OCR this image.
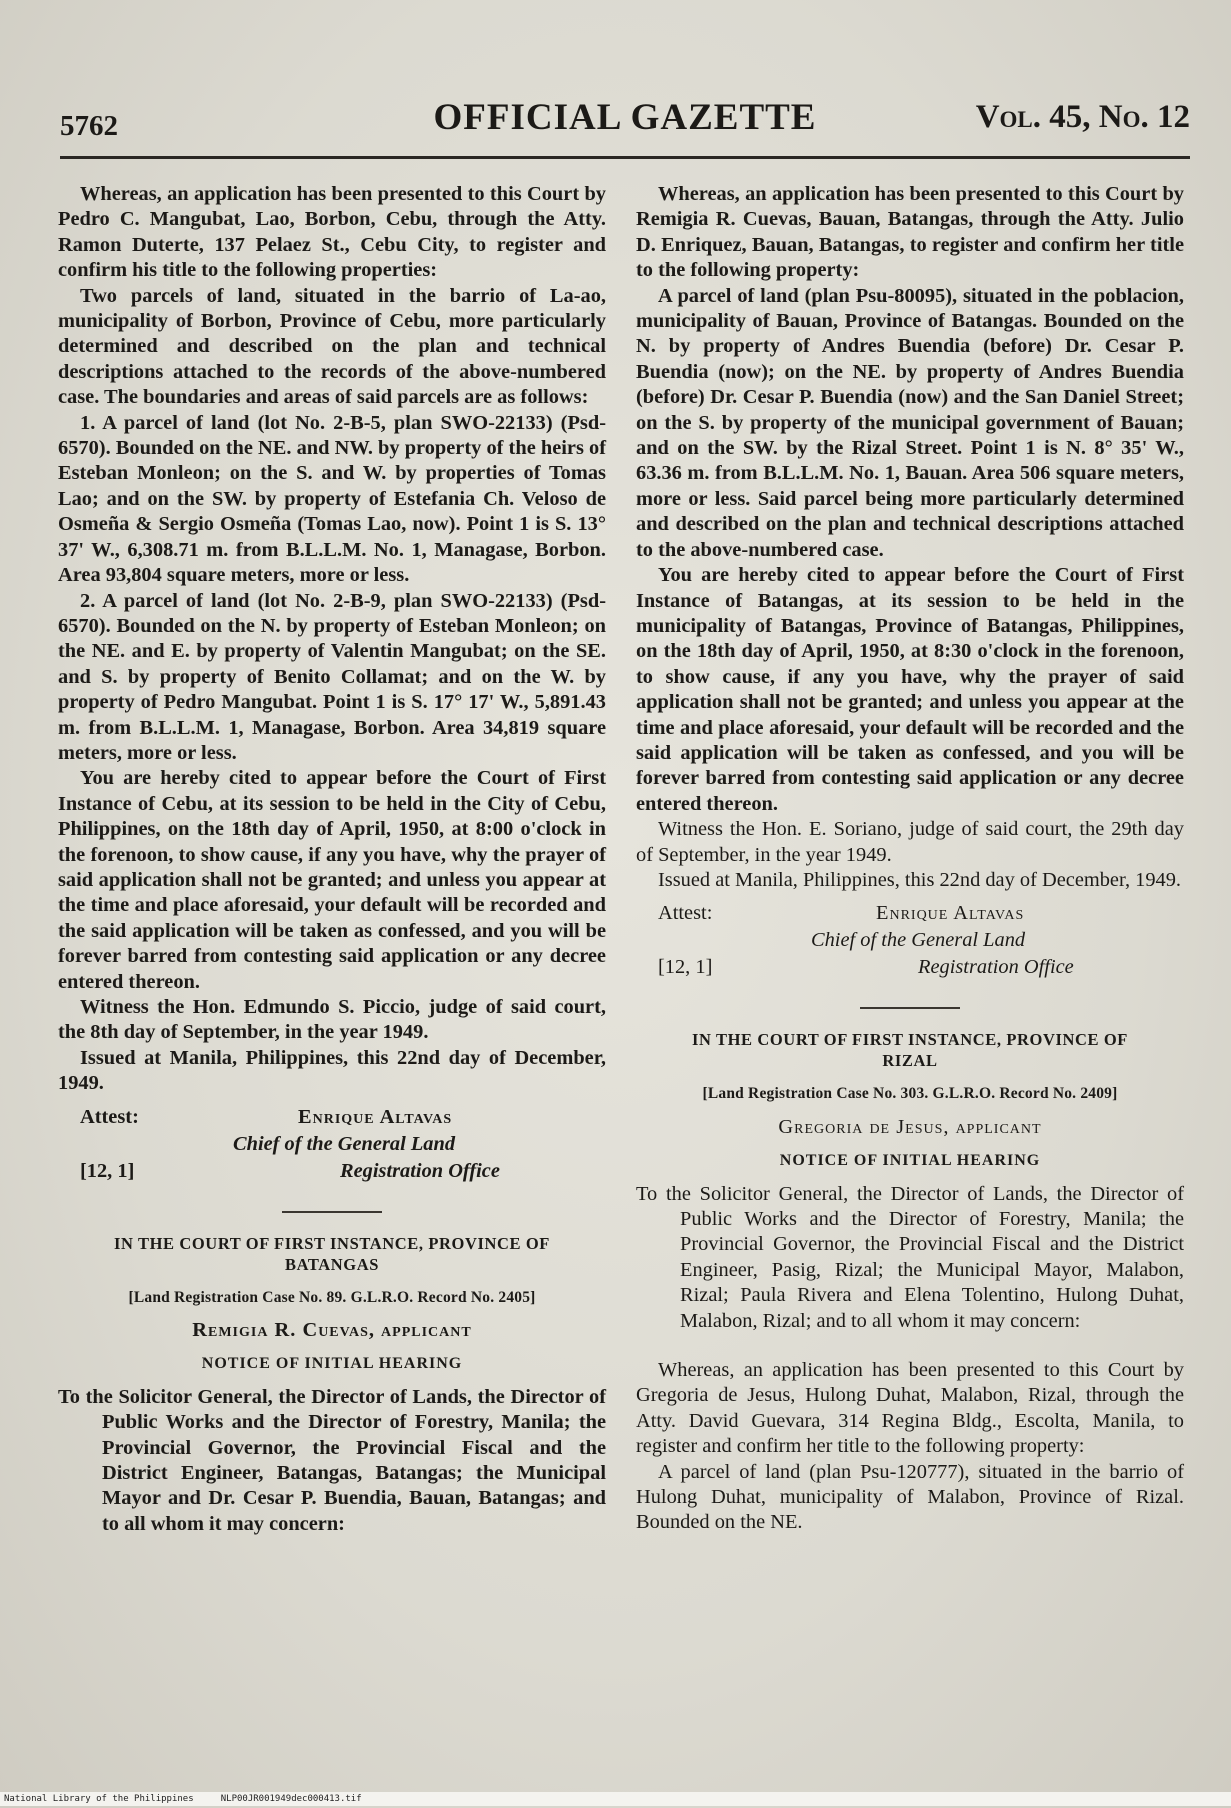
5762	OFFICIAL GAZETTE	Vol. 45, No. 12

Whereas, an application has been presented to this Court by Pedro C. Mangubat, Lao, Borbon, Cebu, through the Atty. Ramon Duterte, 137 Pelaez St., Cebu City, to register and confirm his title to the following properties:

Two parcels of land, situated in the barrio of La-ao, municipality of Borbon, Province of Cebu, more particularly determined and described on the plan and technical descriptions attached to the records of the above-numbered case. The boundaries and areas of said parcels are as follows:

1. A parcel of land (lot No. 2-B-5, plan SWO-22133) (Psd-6570). Bounded on the NE. and NW. by property of the heirs of Esteban Monleon; on the S. and W. by properties of Tomas Lao; and on the SW. by property of Estefania Ch. Veloso de Osmeña & Sergio Osmeña (Tomas Lao, now). Point 1 is S. 13° 37' W., 6,308.71 m. from B.L.L.M. No. 1, Managase, Borbon. Area 93,804 square meters, more or less.

2. A parcel of land (lot No. 2-B-9, plan SWO-22133) (Psd-6570). Bounded on the N. by property of Esteban Monleon; on the NE. and E. by property of Valentin Mangubat; on the SE. and S. by property of Benito Collamat; and on the W. by property of Pedro Mangubat. Point 1 is S. 17° 17' W., 5,891.43 m. from B.L.L.M. 1, Managase, Borbon. Area 34,819 square meters, more or less.

You are hereby cited to appear before the Court of First Instance of Cebu, at its session to be held in the City of Cebu, Philippines, on the 18th day of April, 1950, at 8:00 o'clock in the forenoon, to show cause, if any you have, why the prayer of said application shall not be granted; and unless you appear at the time and place aforesaid, your default will be recorded and the said application will be taken as confessed, and you will be forever barred from contesting said application or any decree entered thereon.

Witness the Hon. Edmundo S. Piccio, judge of said court, the 8th day of September, in the year 1949.

Issued at Manila, Philippines, this 22nd day of December, 1949.

Attest:	Enrique Altavas
Chief of the General Land
[12, 1]	Registration Office
IN THE COURT OF FIRST INSTANCE, PROVINCE OF BATANGAS
[Land Registration Case No. 89. G.L.R.O. Record No. 2405]
Remigia R. Cuevas, applicant
NOTICE OF INITIAL HEARING

To the Solicitor General, the Director of Lands, the Director of Public Works and the Director of Forestry, Manila; the Provincial Governor, the Provincial Fiscal and the District Engineer, Batangas, Batangas; the Municipal Mayor and Dr. Cesar P. Buendia, Bauan, Batangas; and to all whom it may concern:

Whereas, an application has been presented to this Court by Remigia R. Cuevas, Bauan, Batangas, through the Atty. Julio D. Enriquez, Bauan, Batangas, to register and confirm her title to the following property:

A parcel of land (plan Psu-80095), situated in the poblacion, municipality of Bauan, Province of Batangas. Bounded on the N. by property of Andres Buendia (before) Dr. Cesar P. Buendia (now); on the NE. by property of Andres Buendia (before) Dr. Cesar P. Buendia (now) and the San Daniel Street; on the S. by property of the municipal government of Bauan; and on the SW. by the Rizal Street. Point 1 is N. 8° 35' W., 63.36 m. from B.L.L.M. No. 1, Bauan. Area 506 square meters, more or less. Said parcel being more particularly determined and described on the plan and technical descriptions attached to the above-numbered case.

You are hereby cited to appear before the Court of First Instance of Batangas, at its session to be held in the municipality of Batangas, Province of Batangas, Philippines, on the 18th day of April, 1950, at 8:30 o'clock in the forenoon, to show cause, if any you have, why the prayer of said application shall not be granted; and unless you appear at the time and place aforesaid, your default will be recorded and the said application will be taken as confessed, and you will be forever barred from contesting said application or any decree entered thereon.

Witness the Hon. E. Soriano, judge of said court, the 29th day of September, in the year 1949.

Issued at Manila, Philippines, this 22nd day of December, 1949.

Attest:	Enrique Altavas
Chief of the General Land
[12, 1]	Registration Office
IN THE COURT OF FIRST INSTANCE, PROVINCE OF RIZAL
[Land Registration Case No. 303. G.L.R.O. Record No. 2409]
Gregoria de Jesus, applicant
NOTICE OF INITIAL HEARING

To the Solicitor General, the Director of Lands, the Director of Public Works and the Director of Forestry, Manila; the Provincial Governor, the Provincial Fiscal and the District Engineer, Pasig, Rizal; the Municipal Mayor, Malabon, Rizal; Paula Rivera and Elena Tolentino, Hulong Duhat, Malabon, Rizal; and to all whom it may concern:

Whereas, an application has been presented to this Court by Gregoria de Jesus, Hulong Duhat, Malabon, Rizal, through the Atty. David Guevara, 314 Regina Bldg., Escolta, Manila, to register and confirm her title to the following property:

A parcel of land (plan Psu-120777), situated in the barrio of Hulong Duhat, municipality of Malabon, Province of Rizal. Bounded on the NE.

National Library of the Philippines	NLP00JR001949dec000413.tif
